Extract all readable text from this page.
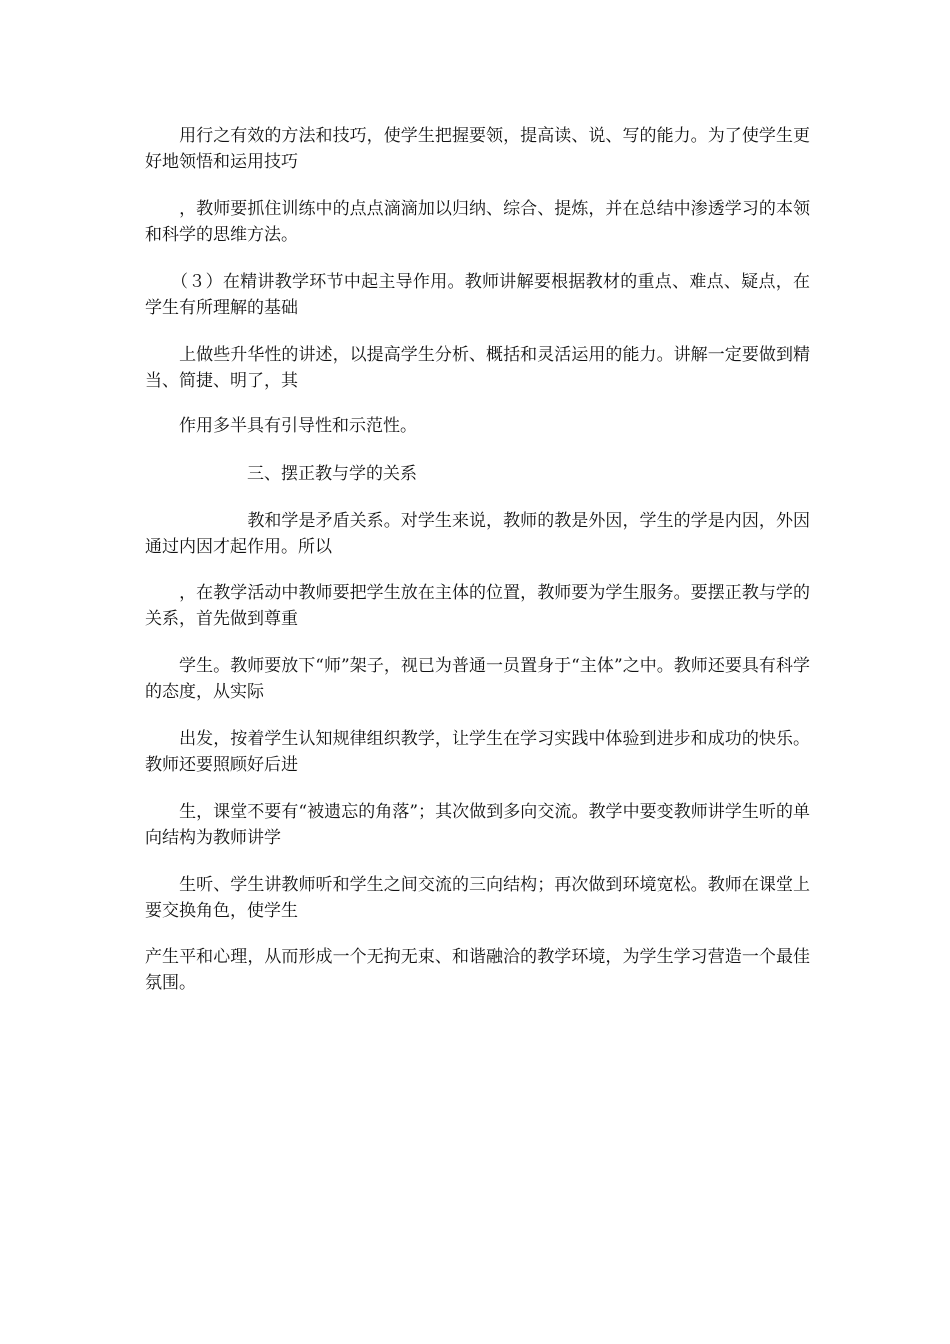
　　用行之有效的方法和技巧，使学生把握要领，提高读、说、写的能力。为了使学生更好地领悟和运用技巧

　　，教师要抓住训练中的点点滴滴加以归纳、综合、提炼，并在总结中渗透学习的本领和科学的思维方法。

　　（３）在精讲教学环节中起主导作用。教师讲解要根据教材的重点、难点、疑点，在学生有所理解的基础

　　上做些升华性的讲述，以提高学生分析、概括和灵活运用的能力。讲解一定要做到精当、简捷、明了，其

　　作用多半具有引导性和示范性。

　　　　　　三、摆正教与学的关系

　　　　　　教和学是矛盾关系。对学生来说，教师的教是外因，学生的学是内因，外因通过内因才起作用。所以

　　，在教学活动中教师要把学生放在主体的位置，教师要为学生服务。要摆正教与学的关系，首先做到尊重

　　学生。教师要放下“师”架子，视已为普通一员置身于“主体”之中。教师还要具有科学的态度，从实际

　　出发，按着学生认知规律组织教学，让学生在学习实践中体验到进步和成功的快乐。教师还要照顾好后进

　　生，课堂不要有“被遗忘的角落”；其次做到多向交流。教学中要变教师讲学生听的单向结构为教师讲学

　　生听、学生讲教师听和学生之间交流的三向结构；再次做到环境宽松。教师在课堂上要交换角色，使学生

产生平和心理，从而形成一个无拘无束、和谐融洽的教学环境，为学生学习营造一个最佳氛围。
